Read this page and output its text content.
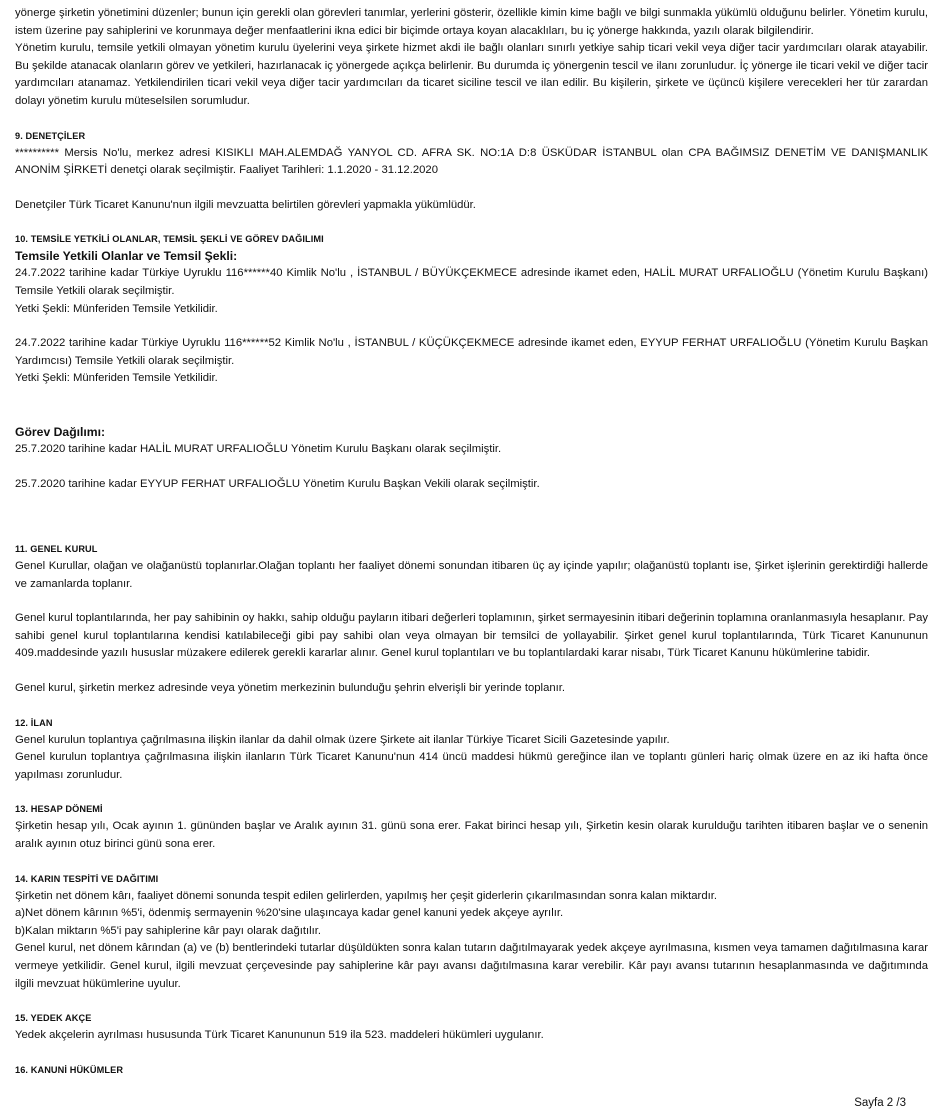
yönerge şirketin yönetimini düzenler; bunun için gerekli olan görevleri tanımlar, yerlerini gösterir, özellikle kimin kime bağlı ve bilgi sunmakla yükümlü olduğunu belirler. Yönetim kurulu, istem üzerine pay sahiplerini ve korunmaya değer menfaatlerini ikna edici bir biçimde ortaya koyan alacaklıları, bu iç yönerge hakkında, yazılı olarak bilgilendirir.

Yönetim kurulu, temsile yetkili olmayan yönetim kurulu üyelerini veya şirkete hizmet akdi ile bağlı olanları sınırlı yetkiye sahip ticari vekil veya diğer tacir yardımcıları olarak atayabilir. Bu şekilde atanacak olanların görev ve yetkileri, hazırlanacak iç yönergede açıkça belirlenir. Bu durumda iç yönergenin tescil ve ilanı zorunludur. İç yönerge ile ticari vekil ve diğer tacir yardımcıları atanamaz. Yetkilendirilen ticari vekil veya diğer tacir yardımcıları da ticaret siciline tescil ve ilan edilir. Bu kişilerin, şirkete ve üçüncü kişilere verecekleri her tür zarardan dolayı yönetim kurulu müteselsilen sorumludur.

9. DENETÇİLER

********** Mersis No'lu, merkez adresi KISIKLI MAH.ALEMDAĞ YANYOL CD. AFRA SK. NO:1A D:8 ÜSKÜDAR İSTANBUL olan CPA BAĞIMSIZ DENETİM VE DANIŞMANLIK ANONİM ŞİRKETİ denetçi olarak seçilmiştir. Faaliyet Tarihleri: 1.1.2020 - 31.12.2020

Denetçiler Türk Ticaret Kanunu'nun ilgili mevzuatta belirtilen görevleri yapmakla yükümlüdür.

10. TEMSİLE YETKİLİ OLANLAR, TEMSİL ŞEKLİ VE GÖREV DAĞILIMI
Temsile Yetkili Olanlar ve Temsil Şekli:

24.7.2022 tarihine kadar Türkiye Uyruklu 116******40 Kimlik No'lu , İSTANBUL / BÜYÜKÇEKMECE adresinde ikamet eden, HALİL MURAT URFALIOĞLU (Yönetim Kurulu Başkanı) Temsile Yetkili olarak seçilmiştir.

Yetki Şekli: Münferiden Temsile Yetkilidir.

24.7.2022 tarihine kadar Türkiye Uyruklu 116******52 Kimlik No'lu , İSTANBUL / KÜÇÜKÇEKMECE adresinde ikamet eden, EYYUP FERHAT URFALIOĞLU (Yönetim Kurulu Başkan Yardımcısı) Temsile Yetkili olarak seçilmiştir.

Yetki Şekli: Münferiden Temsile Yetkilidir.

Görev Dağılımı:

25.7.2020 tarihine kadar HALİL MURAT URFALIOĞLU Yönetim Kurulu Başkanı olarak seçilmiştir.

25.7.2020 tarihine kadar EYYUP FERHAT URFALIOĞLU Yönetim Kurulu Başkan Vekili olarak seçilmiştir.

11. GENEL KURUL

Genel Kurullar, olağan ve olağanüstü toplanırlar.Olağan toplantı her faaliyet dönemi sonundan itibaren üç ay içinde yapılır; olağanüstü toplantı ise, Şirket işlerinin gerektirdiği hallerde ve zamanlarda toplanır.

Genel kurul toplantılarında, her pay sahibinin oy hakkı, sahip olduğu payların itibari değerleri toplamının, şirket sermayesinin itibari değerinin toplamına oranlanmasıyla hesaplanır. Pay sahibi genel kurul toplantılarına kendisi katılabileceği gibi pay sahibi olan veya olmayan bir temsilci de yollayabilir. Şirket genel kurul toplantılarında, Türk Ticaret Kanununun 409.maddesinde yazılı hususlar müzakere edilerek gerekli kararlar alınır. Genel kurul toplantıları ve bu toplantılardaki karar nisabı, Türk Ticaret Kanunu hükümlerine tabidir.

Genel kurul, şirketin merkez adresinde veya yönetim merkezinin bulunduğu şehrin elverişli bir yerinde toplanır.

12. İLAN

Genel kurulun toplantıya çağrılmasına ilişkin ilanlar da dahil olmak üzere Şirkete ait ilanlar Türkiye Ticaret Sicili Gazetesinde yapılır.

Genel kurulun toplantıya çağrılmasına ilişkin ilanların Türk Ticaret Kanunu'nun 414 üncü maddesi hükmü gereğince ilan ve toplantı günleri hariç olmak üzere en az iki hafta önce yapılması zorunludur.

13. HESAP DÖNEMİ

Şirketin hesap yılı, Ocak ayının 1. gününden başlar ve Aralık ayının 31. günü sona erer. Fakat birinci hesap yılı, Şirketin kesin olarak kurulduğu tarihten itibaren başlar ve o senenin aralık ayının otuz birinci günü sona erer.

14. KARIN TESPİTİ VE DAĞITIMI

Şirketin net dönem kârı, faaliyet dönemi sonunda tespit edilen gelirlerden, yapılmış her çeşit giderlerin çıkarılmasından sonra kalan miktardır.

a)Net dönem kârının %5'i, ödenmiş sermayenin %20'sine ulaşıncaya kadar genel kanuni yedek akçeye ayrılır.

b)Kalan miktarın %5'i pay sahiplerine kâr payı olarak dağıtılır.

Genel kurul, net dönem kârından (a) ve (b) bentlerindeki tutarlar düşüldükten sonra kalan tutarın dağıtılmayarak yedek akçeye ayrılmasına, kısmen veya tamamen dağıtılmasına karar vermeye yetkilidir. Genel kurul, ilgili mevzuat çerçevesinde pay sahiplerine kâr payı avansı dağıtılmasına karar verebilir. Kâr payı avansı tutarının hesaplanmasında ve dağıtımında ilgili mevzuat hükümlerine uyulur.

15. YEDEK AKÇE

Yedek akçelerin ayrılması hususunda Türk Ticaret Kanununun 519 ila 523. maddeleri hükümleri uygulanır.

16. KANUNİ HÜKÜMLER
Sayfa 2 /3
